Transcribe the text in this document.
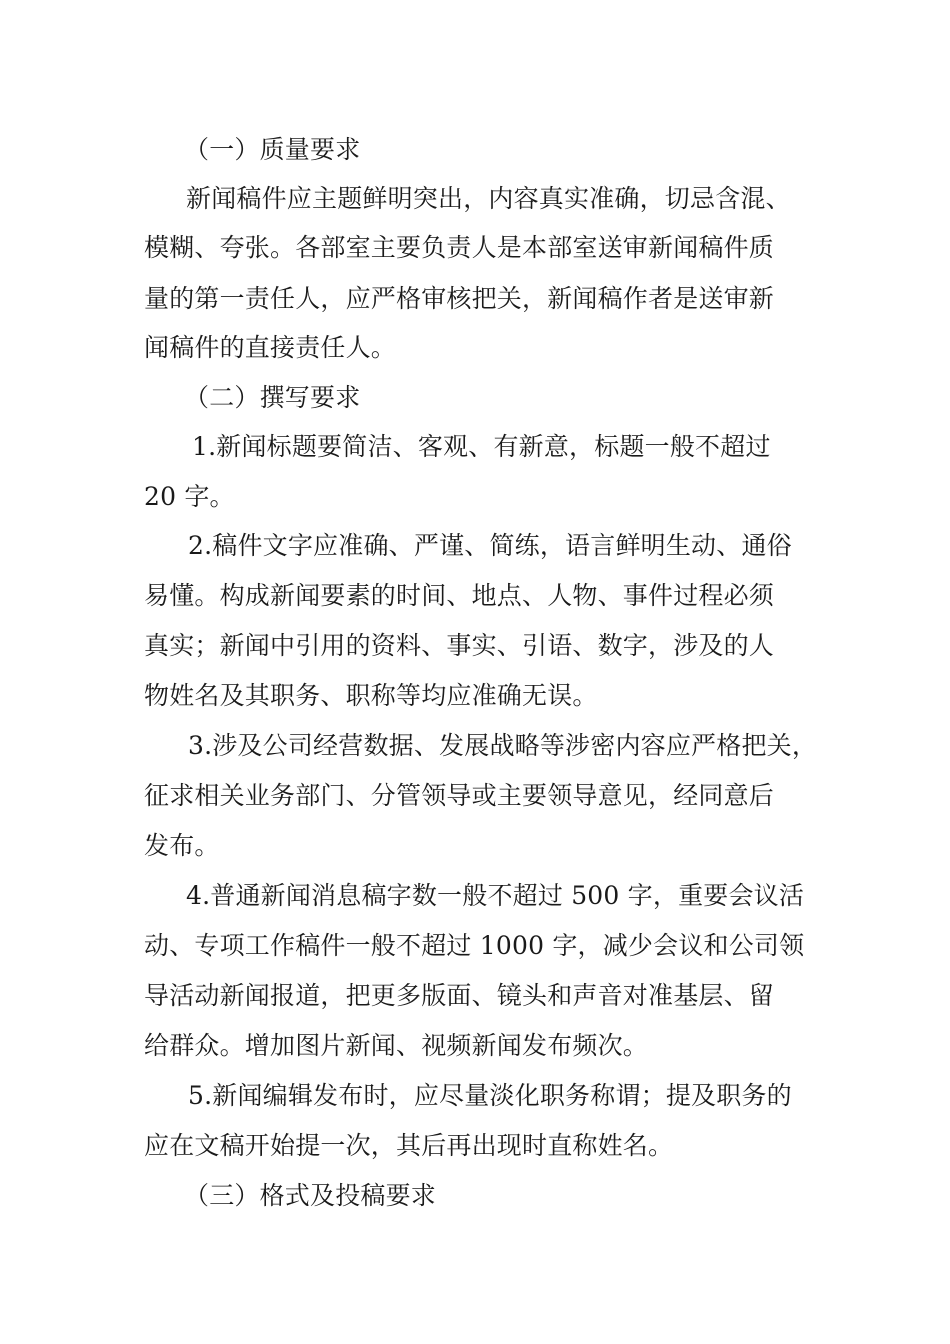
（一）质量要求
新闻稿件应主题鲜明突出，内容真实准确，切忌含混、
模糊、夸张。各部室主要负责人是本部室送审新闻稿件质
量的第一责任人，应严格审核把关，新闻稿作者是送审新
闻稿件的直接责任人。
（二）撰写要求
1.新闻标题要简洁、客观、有新意，标题一般不超过
20 字。
2.稿件文字应准确、严谨、简练，语言鲜明生动、通俗
易懂。构成新闻要素的时间、地点、人物、事件过程必须
真实；新闻中引用的资料、事实、引语、数字，涉及的人
物姓名及其职务、职称等均应准确无误。
3.涉及公司经营数据、发展战略等涉密内容应严格把关，
征求相关业务部门、分管领导或主要领导意见，经同意后
发布。
4.普通新闻消息稿字数一般不超过 500 字，重要会议活
动、专项工作稿件一般不超过 1000 字，减少会议和公司领
导活动新闻报道，把更多版面、镜头和声音对准基层、留
给群众。增加图片新闻、视频新闻发布频次。
5.新闻编辑发布时，应尽量淡化职务称谓；提及职务的
应在文稿开始提一次，其后再出现时直称姓名。
（三）格式及投稿要求
